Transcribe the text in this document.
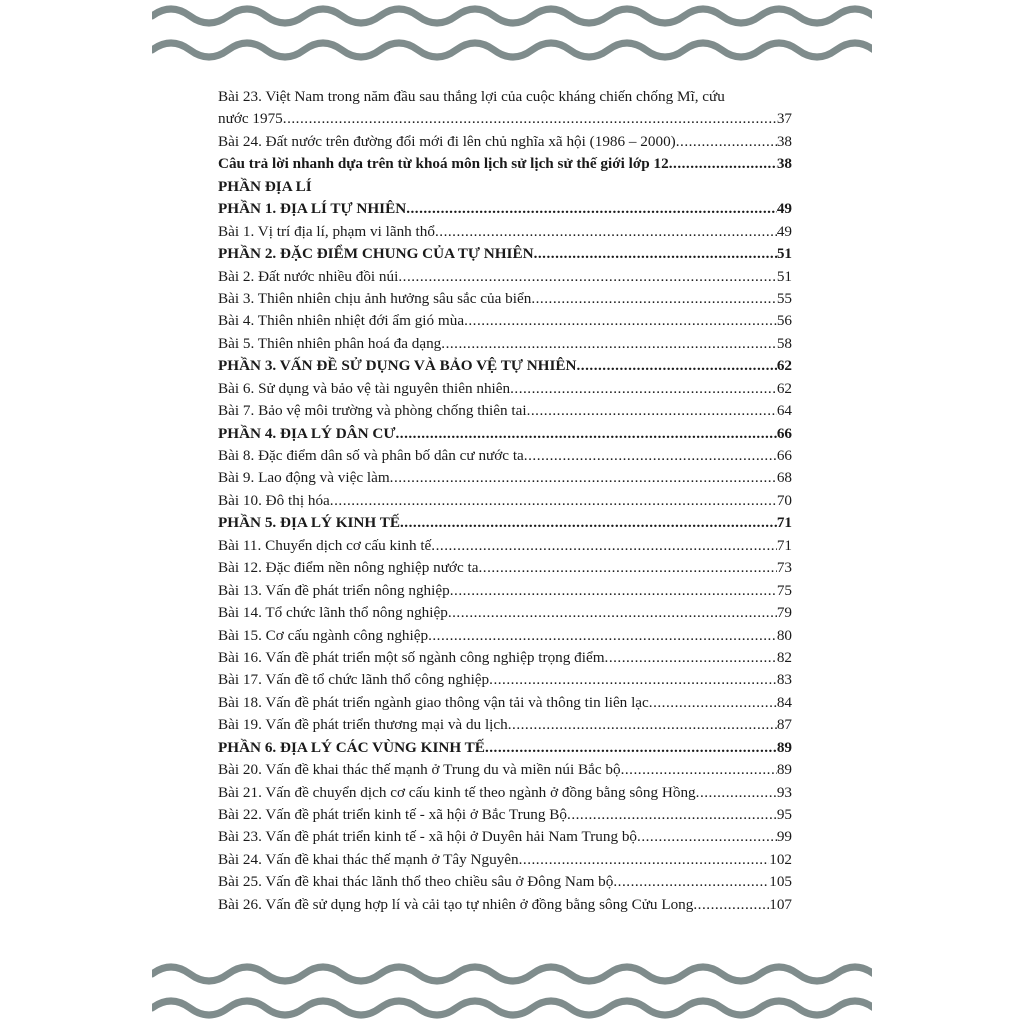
Bài 23. Việt Nam trong năm đầu sau thắng lợi của cuộc kháng chiến chống Mĩ, cứu
nước 1975 .....	37
Bài 24. Đất nước trên đường đổi mới đi lên chủ nghĩa xã hội (1986 – 2000) .....	38
Câu trả lời nhanh dựa trên từ khoá môn lịch sử lịch sử thế giới lớp 12 .....	38
PHẦN ĐỊA LÍ
PHẦN 1. ĐỊA LÍ TỰ NHIÊN .....	49
Bài 1. Vị trí địa lí, phạm vi lãnh thổ .....	49
PHẦN 2. ĐẶC ĐIỂM CHUNG CỦA TỰ NHIÊN .....	51
Bài 2. Đất nước nhiều đồi núi .....	51
Bài 3. Thiên nhiên chịu ảnh hưởng sâu sắc của biển .....	55
Bài 4. Thiên nhiên nhiệt đới ẩm gió mùa .....	56
Bài 5. Thiên nhiên phân hoá đa dạng .....	58
PHẦN 3. VẤN ĐỀ SỬ DỤNG VÀ BẢO VỆ TỰ NHIÊN .....	62
Bài 6. Sử dụng và bảo vệ tài nguyên thiên nhiên .....	62
Bài 7. Bảo vệ môi trường và phòng chống thiên tai .....	64
PHẦN 4. ĐỊA LÝ DÂN CƯ .....	66
Bài 8. Đặc điểm dân số và phân bố dân cư nước ta .....	66
Bài 9. Lao động và việc làm .....	68
Bài 10. Đô thị hóa .....	70
PHẦN 5. ĐỊA LÝ KINH TẾ .....	71
Bài 11. Chuyển dịch cơ cấu kinh tế .....	71
Bài 12. Đặc điểm nền nông nghiệp nước ta .....	73
Bài 13. Vấn đề phát triển nông nghiệp .....	75
Bài 14. Tổ chức lãnh thổ nông nghiệp .....	79
Bài 15. Cơ cấu ngành công nghiệp .....	80
Bài 16. Vấn đề phát triển một số ngành công nghiệp trọng điểm .....	82
Bài 17. Vấn đề tổ chức lãnh thổ công nghiệp .....	83
Bài 18. Vấn đề phát triển ngành giao thông vận tải và thông tin liên lạc .....	84
Bài 19. Vấn đề phát triển thương mại và du lịch .....	87
PHẦN 6. ĐỊA LÝ CÁC VÙNG KINH TẾ .....	89
Bài 20. Vấn đề khai thác thế mạnh ở Trung du và miền núi Bắc bộ .....	89
Bài 21. Vấn đề chuyển dịch cơ cấu kinh tế theo ngành ở đồng bằng sông Hồng .....	93
Bài 22. Vấn đề phát triển kinh tế - xã hội ở Bắc Trung Bộ .....	95
Bài 23. Vấn đề phát triển kinh tế - xã hội ở Duyên hải Nam Trung bộ .....	99
Bài 24. Vấn đề khai thác thế mạnh ở Tây Nguyên .....	102
Bài 25. Vấn đề khai thác lãnh thổ theo chiều sâu ở Đông Nam bộ .....	105
Bài 26. Vấn đề sử dụng hợp lí và cải tạo tự nhiên ở đồng bằng sông Cửu Long .....	107
